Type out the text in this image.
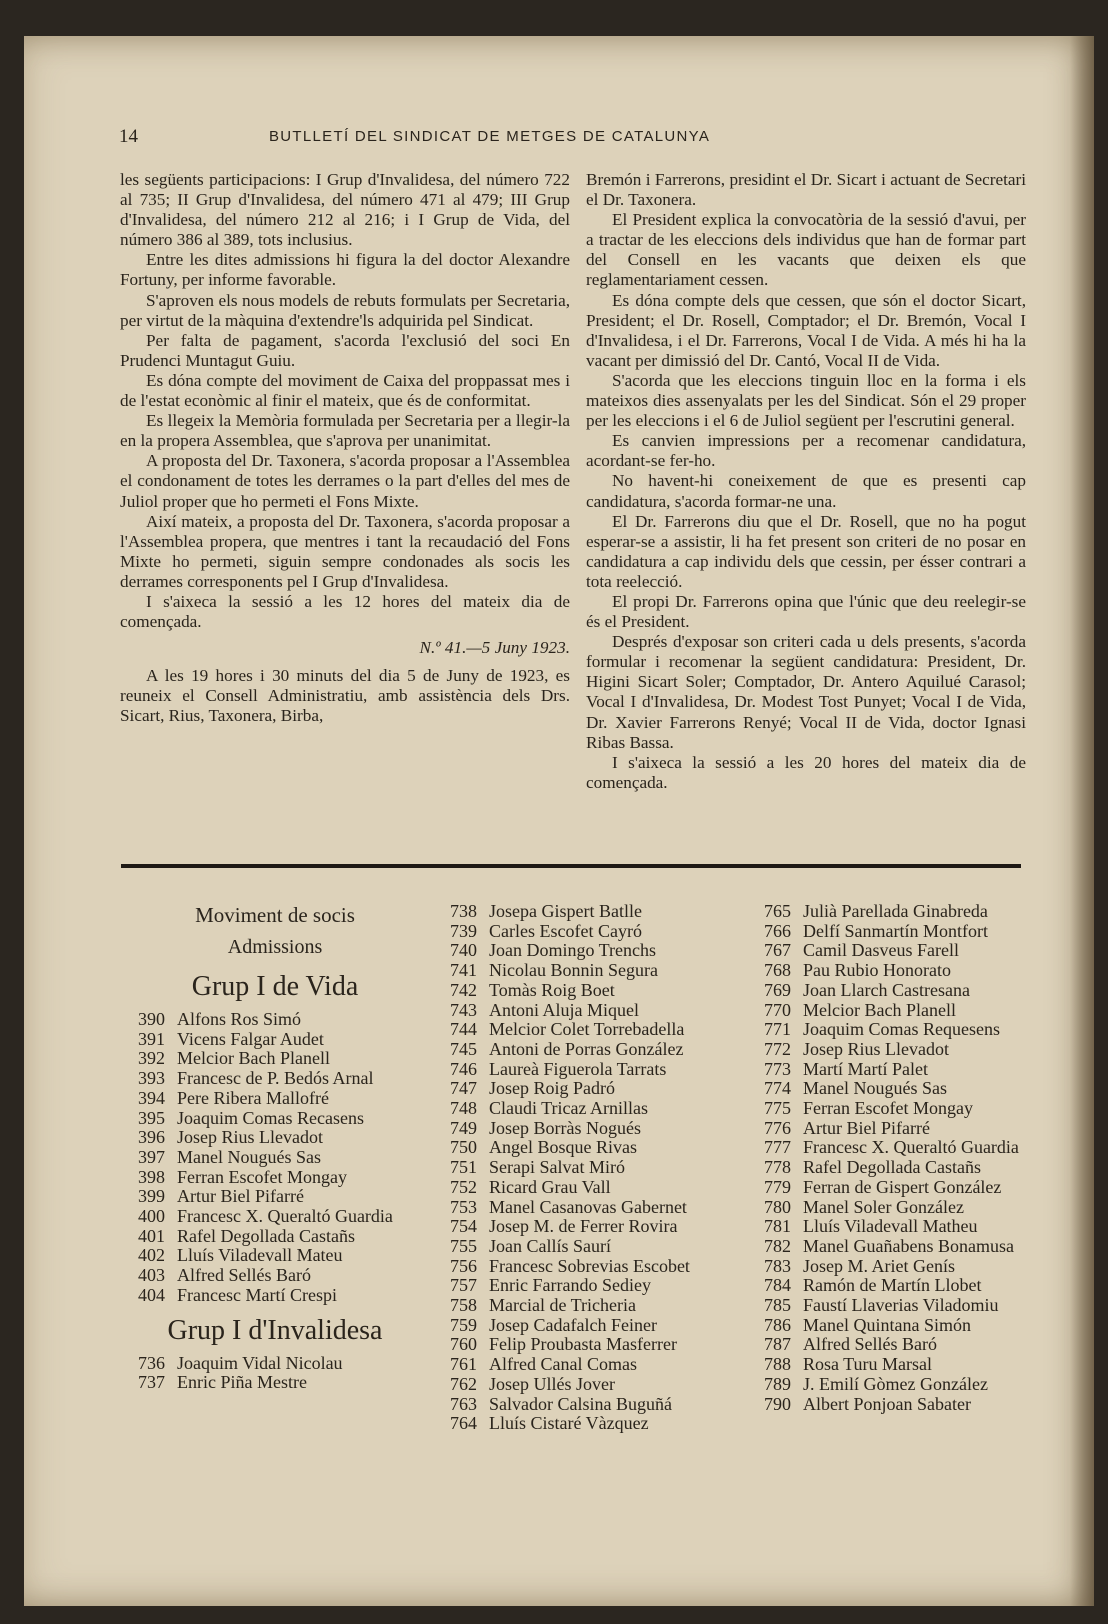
14	BUTLLETÍ DEL SINDICAT DE METGES DE CATALUNYA

les següents participacions: I Grup d'Invalidesa, del número 722 al 735; II Grup d'Invalidesa, del número 471 al 479; III Grup d'Invalidesa, del número 212 al 216; i I Grup de Vida, del número 386 al 389, tots inclusius.

Entre les dites admissions hi figura la del doctor Alexandre Fortuny, per informe favorable.

S'aproven els nous models de rebuts formulats per Secretaria, per virtut de la màquina d'extendre'ls adquirida pel Sindicat.

Per falta de pagament, s'acorda l'exclusió del soci En Prudenci Muntagut Guiu.

Es dóna compte del moviment de Caixa del proppassat mes i de l'estat econòmic al finir el mateix, que és de conformitat.

Es llegeix la Memòria formulada per Secretaria per a llegir-la en la propera Assemblea, que s'aprova per unanimitat.

A proposta del Dr. Taxonera, s'acorda proposar a l'Assemblea el condonament de totes les derrames o la part d'elles del mes de Juliol proper que ho permeti el Fons Mixte.

Així mateix, a proposta del Dr. Taxonera, s'acorda proposar a l'Assemblea propera, que mentres i tant la recaudació del Fons Mixte ho permeti, siguin sempre condonades als socis les derrames corresponents pel I Grup d'Invalidesa.

I s'aixeca la sessió a les 12 hores del mateix dia de començada.

N.º 41.—5 Juny 1923.

A les 19 hores i 30 minuts del dia 5 de Juny de 1923, es reuneix el Consell Administratiu, amb assistència dels Drs. Sicart, Rius, Taxonera, Birba,

Bremón i Farrerons, presidint el Dr. Sicart i actuant de Secretari el Dr. Taxonera.

El President explica la convocatòria de la sessió d'avui, per a tractar de les eleccions dels individus que han de formar part del Consell en les vacants que deixen els que reglamentariament cessen.

Es dóna compte dels que cessen, que són el doctor Sicart, President; el Dr. Rosell, Comptador; el Dr. Bremón, Vocal I d'Invalidesa, i el Dr. Farrerons, Vocal I de Vida. A més hi ha la vacant per dimissió del Dr. Cantó, Vocal II de Vida.

S'acorda que les eleccions tinguin lloc en la forma i els mateixos dies assenyalats per les del Sindicat. Són el 29 proper per les eleccions i el 6 de Juliol següent per l'escrutini general.

Es canvien impressions per a recomenar candidatura, acordant-se fer-ho.

No havent-hi coneixement de que es presenti cap candidatura, s'acorda formar-ne una.

El Dr. Farrerons diu que el Dr. Rosell, que no ha pogut esperar-se a assistir, li ha fet present son criteri de no posar en candidatura a cap individu dels que cessin, per ésser contrari a tota reelecció.

El propi Dr. Farrerons opina que l'únic que deu reelegir-se és el President.

Després d'exposar son criteri cada u dels presents, s'acorda formular i recomenar la següent candidatura: President, Dr. Higini Sicart Soler; Comptador, Dr. Antero Aquilué Carasol; Vocal I d'Invalidesa, Dr. Modest Tost Punyet; Vocal I de Vida, Dr. Xavier Farrerons Renyé; Vocal II de Vida, doctor Ignasi Ribas Bassa.

I s'aixeca la sessió a les 20 hores del mateix dia de començada.

Moviment de socis

Admissions

Grup I de Vida

390 Alfons Ros Simó
391 Vicens Falgar Audet
392 Melcior Bach Planell
393 Francesc de P. Bedós Arnal
394 Pere Ribera Mallofré
395 Joaquim Comas Recasens
396 Josep Rius Llevadot
397 Manel Nougués Sas
398 Ferran Escofet Mongay
399 Artur Biel Pifarré
400 Francesc X. Queraltó Guardia
401 Rafel Degollada Castañs
402 Lluís Viladevall Mateu
403 Alfred Sellés Baró
404 Francesc Martí Crespi

Grup I d'Invalidesa

736 Joaquim Vidal Nicolau
737 Enric Piña Mestre
738 Josepa Gispert Batlle
739 Carles Escofet Cayró
740 Joan Domingo Trenchs
741 Nicolau Bonnin Segura
742 Tomàs Roig Boet
743 Antoni Aluja Miquel
744 Melcior Colet Torrebadella
745 Antoni de Porras González
746 Laureà Figuerola Tarrats
747 Josep Roig Padró
748 Claudi Tricaz Arnillas
749 Josep Borràs Nogués
750 Angel Bosque Rivas
751 Serapi Salvat Miró
752 Ricard Grau Vall
753 Manel Casanovas Gabernet
754 Josep M. de Ferrer Rovira
755 Joan Callís Saurí
756 Francesc Sobrevias Escobet
757 Enric Farrando Sediey
758 Marcial de Tricheria
759 Josep Cadafalch Feiner
760 Felip Proubasta Masferrer
761 Alfred Canal Comas
762 Josep Ullés Jover
763 Salvador Calsina Buguñá
764 Lluís Cistaré Vàzquez
765 Julià Parellada Ginabreda
766 Delfí Sanmartín Montfort
767 Camil Dasveus Farell
768 Pau Rubio Honorato
769 Joan Llarch Castresana
770 Melcior Bach Planell
771 Joaquim Comas Requesens
772 Josep Rius Llevadot
773 Martí Martí Palet
774 Manel Nougués Sas
775 Ferran Escofet Mongay
776 Artur Biel Pifarré
777 Francesc X. Queraltó Guardia
778 Rafel Degollada Castañs
779 Ferran de Gispert González
780 Manel Soler González
781 Lluís Viladevall Matheu
782 Manel Guañabens Bonamusa
783 Josep M. Ariet Genís
784 Ramón de Martín Llobet
785 Faustí Llaverias Viladomiu
786 Manel Quintana Simón
787 Alfred Sellés Baró
788 Rosa Turu Marsal
789 J. Emilí Gòmez González
790 Albert Ponjoan Sabater
